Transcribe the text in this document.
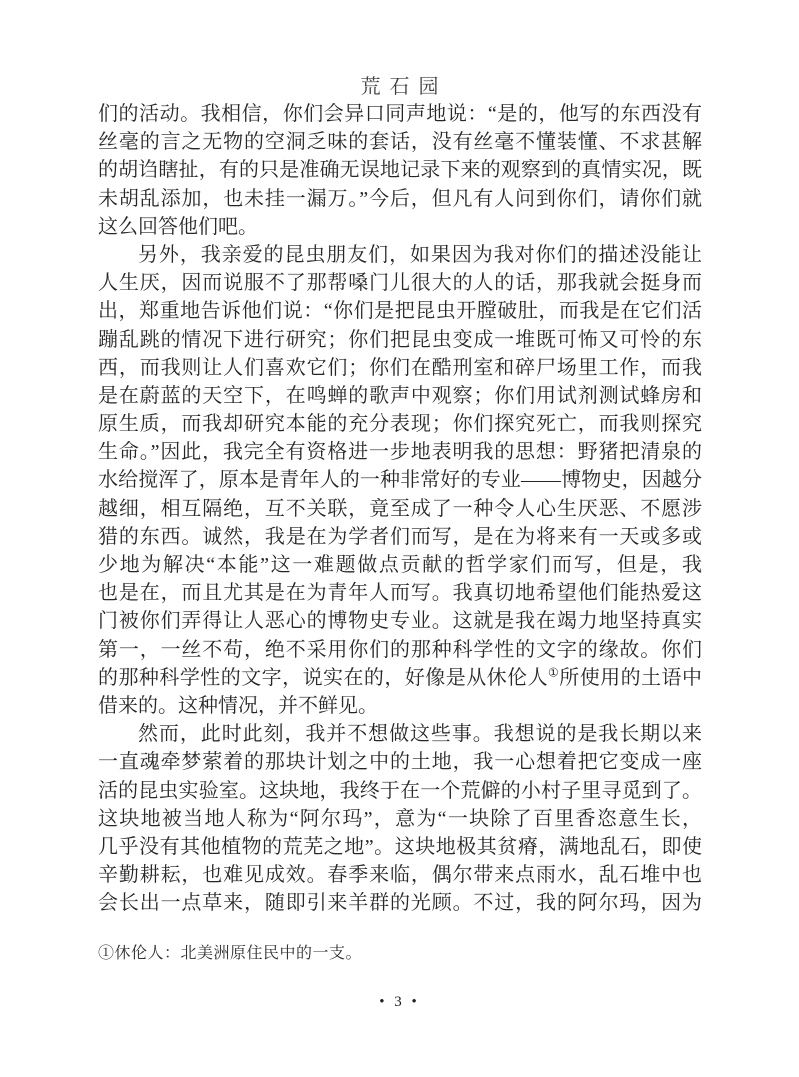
荒石园
们的活动。我相信，你们会异口同声地说：“是的，他写的东西没有
丝毫的言之无物的空洞乏味的套话，没有丝毫不懂装懂、不求甚解
的胡诌瞎扯，有的只是准确无误地记录下来的观察到的真情实况，既
未胡乱添加，也未挂一漏万。”今后，但凡有人问到你们，请你们就
这么回答他们吧。
另外，我亲爱的昆虫朋友们，如果因为我对你们的描述没能让
人生厌，因而说服不了那帮嗓门儿很大的人的话，那我就会挺身而
出，郑重地告诉他们说：“你们是把昆虫开膛破肚，而我是在它们活
蹦乱跳的情况下进行研究；你们把昆虫变成一堆既可怖又可怜的东
西，而我则让人们喜欢它们；你们在酷刑室和碎尸场里工作，而我
是在蔚蓝的天空下，在鸣蝉的歌声中观察；你们用试剂测试蜂房和
原生质，而我却研究本能的充分表现；你们探究死亡，而我则探究
生命。”因此，我完全有资格进一步地表明我的思想：野猪把清泉的
水给搅浑了，原本是青年人的一种非常好的专业——博物史，因越分
越细，相互隔绝，互不关联，竟至成了一种令人心生厌恶、不愿涉
猎的东西。诚然，我是在为学者们而写，是在为将来有一天或多或
少地为解决“本能”这一难题做点贡献的哲学家们而写，但是，我
也是在，而且尤其是在为青年人而写。我真切地希望他们能热爱这
门被你们弄得让人恶心的博物史专业。这就是我在竭力地坚持真实
第一，一丝不苟，绝不采用你们的那种科学性的文字的缘故。你们
的那种科学性的文字，说实在的，好像是从休伦人①所使用的土语中
借来的。这种情况，并不鲜见。
然而，此时此刻，我并不想做这些事。我想说的是我长期以来
一直魂牵梦萦着的那块计划之中的土地，我一心想着把它变成一座
活的昆虫实验室。这块地，我终于在一个荒僻的小村子里寻觅到了。
这块地被当地人称为“阿尔玛”，意为“一块除了百里香恣意生长，
几乎没有其他植物的荒芜之地”。这块地极其贫瘠，满地乱石，即使
辛勤耕耘，也难见成效。春季来临，偶尔带来点雨水，乱石堆中也
会长出一点草来，随即引来羊群的光顾。不过，我的阿尔玛，因为
①休伦人：北美洲原住民中的一支。
• 3 •
